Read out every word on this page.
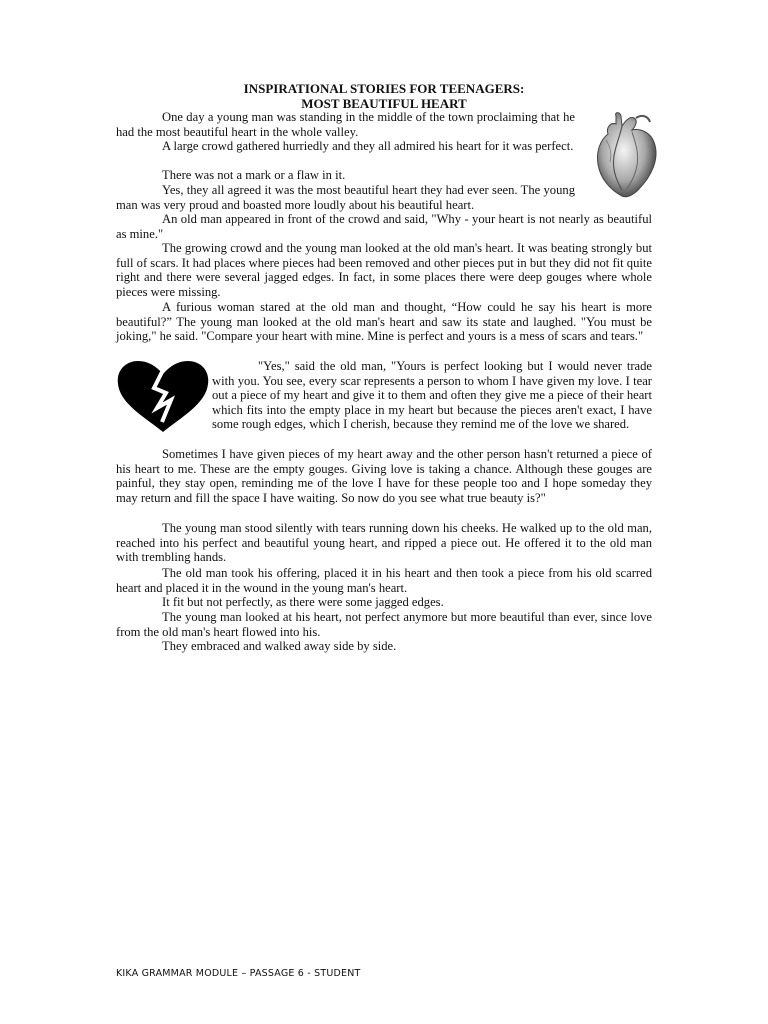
INSPIRATIONAL STORIES FOR TEENAGERS:
MOST BEAUTIFUL HEART

One day a young man was standing in the middle of the town proclaiming that he had the most beautiful heart in the whole valley.

A large crowd gathered hurriedly and they all admired his heart for it was perfect.

There was not a mark or a flaw in it.

Yes, they all agreed it was the most beautiful heart they had ever seen. The young man was very proud and boasted more loudly about his beautiful heart.

An old man appeared in front of the crowd and said, "Why - your heart is not nearly as beautiful as mine."

The growing crowd and the young man looked at the old man's heart. It was beating strongly but full of scars. It had places where pieces had been removed and other pieces put in but they did not fit quite right and there were several jagged edges. In fact, in some places there were deep gouges where whole pieces were missing.

A furious woman stared at the old man and thought, “How could he say his heart is more beautiful?” The young man looked at the old man's heart and saw its state and laughed. "You must be joking," he said. "Compare your heart with mine. Mine is perfect and yours is a mess of scars and tears."

"Yes," said the old man, "Yours is perfect looking but I would never trade with you. You see, every scar represents a person to whom I have given my love. I tear out a piece of my heart and give it to them and often they give me a piece of their heart which fits into the empty place in my heart but because the pieces aren't exact, I have some rough edges, which I cherish, because they remind me of the love we shared.

Sometimes I have given pieces of my heart away and the other person hasn't returned a piece of his heart to me. These are the empty gouges. Giving love is taking a chance. Although these gouges are painful, they stay open, reminding me of the love I have for these people too and I hope someday they may return and fill the space I have waiting. So now do you see what true beauty is?"

The young man stood silently with tears running down his cheeks. He walked up to the old man, reached into his perfect and beautiful young heart, and ripped a piece out. He offered it to the old man with trembling hands.

The old man took his offering, placed it in his heart and then took a piece from his old scarred heart and placed it in the wound in the young man's heart.

It fit but not perfectly, as there were some jagged edges.

The young man looked at his heart, not perfect anymore but more beautiful than ever, since love from the old man's heart flowed into his.

They embraced and walked away side by side.

KIKA GRAMMAR MODULE – PASSAGE 6 - STUDENT
